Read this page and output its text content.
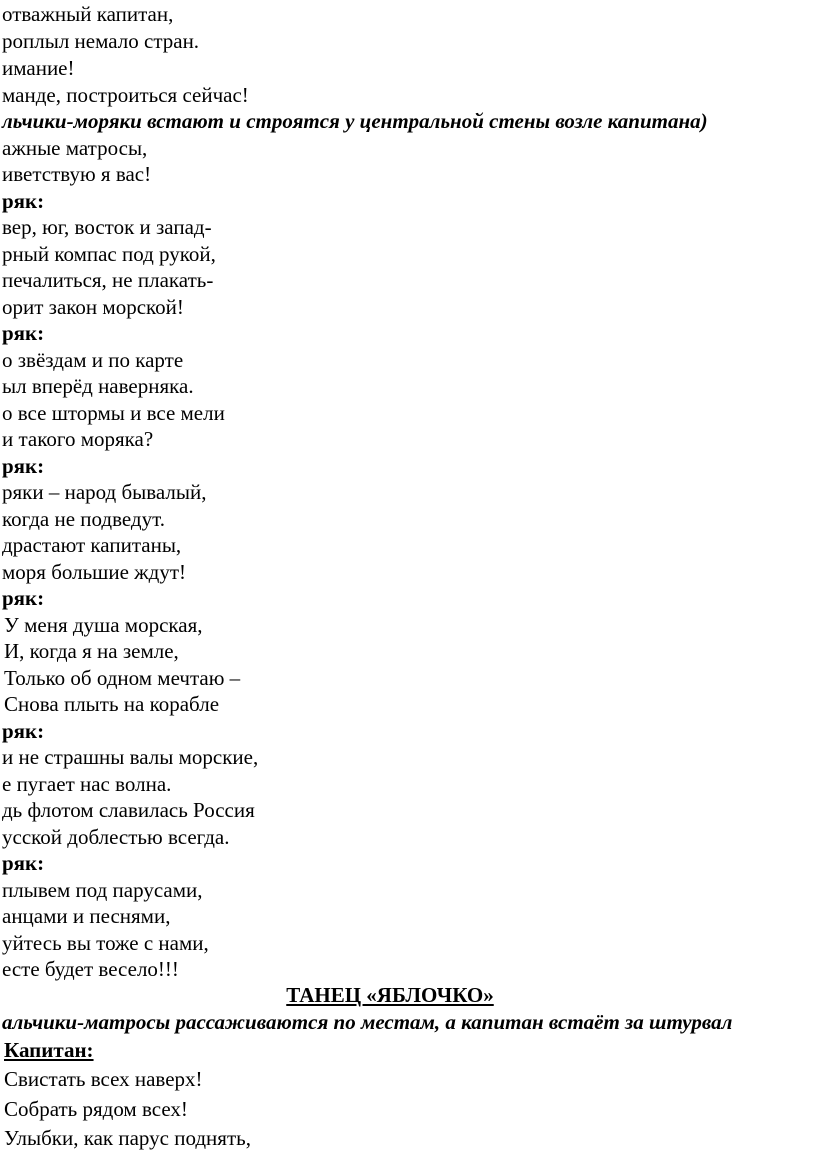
отважный капитан,
роплыл немало стран.
имание!
манде, построиться сейчас!
льчики-моряки встают и строятся у центральной стены возле капитана)
ажные матросы,
иветствую я вас!
ряк:
вер, юг, восток и запад-
рный компас под рукой,
печалиться, не плакать-
орит закон морской!
ряк:
о звёздам и по карте
ыл вперёд наверняка.
о все штормы и все мели
и такого моряка?
ряк:
ряки – народ бывалый,
когда не подведут.
драстают капитаны,
моря большие ждут!
ряк:
У меня душа морская,
И, когда я на земле,
Только об одном мечтаю –
Снова плыть на корабле
ряк:
и не страшны валы морские,
е пугает нас волна.
дь флотом славилась Россия
усской доблестью всегда.
ряк:
плывем под парусами,
анцами и песнями,
уйтесь вы тоже с нами,
есте будет весело!!!
ТАНЕЦ «ЯБЛОЧКО»
альчики-матросы рассаживаются по местам, а капитан встаёт за штурвал
Капитан:
Свистать всех наверх!
Собрать рядом всех!
Улыбки, как парус поднять,
